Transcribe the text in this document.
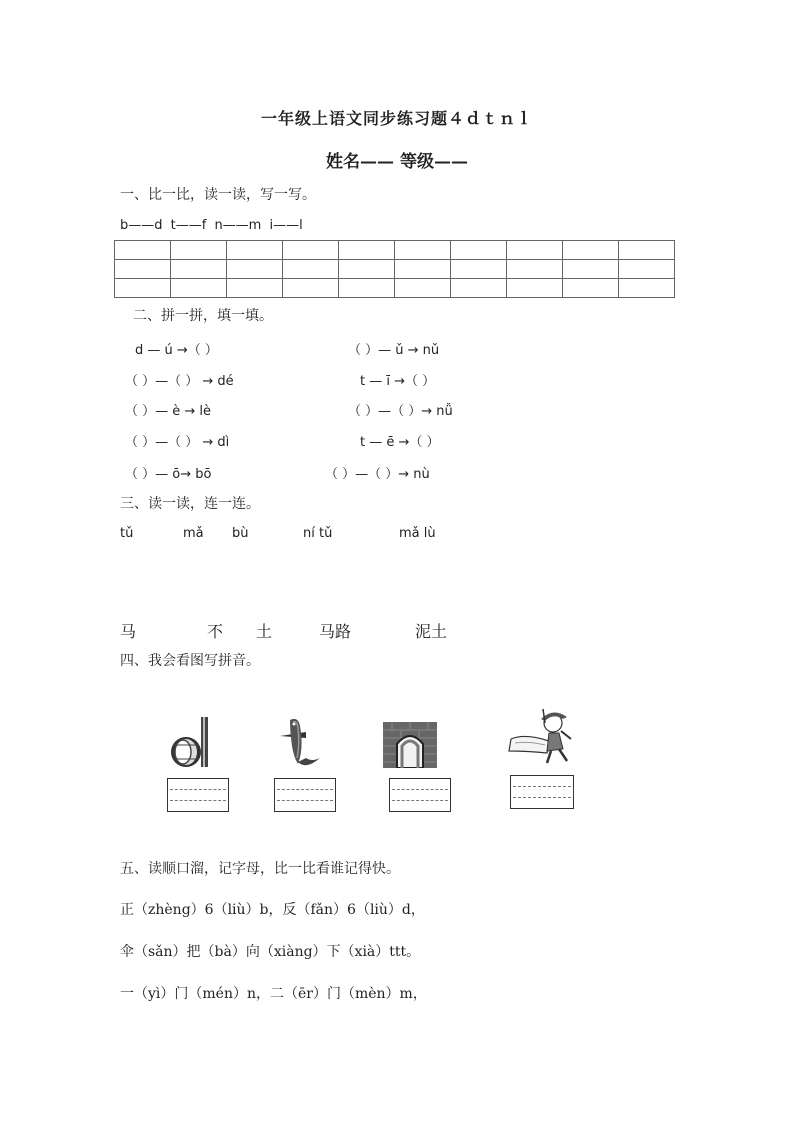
一年级上语文同步练习题４ｄｔｎｌ
姓名—— 等级——
一、比一比，读一读，写一写。
b——d t——f n——m i——l

二、拼一拼，填一填。
d — ú →（ ）
（ ）—（ ） → dé
（ ）— è → lè
（ ）—（ ） → dì
（ ）— ō→ bō
（ ）— ǔ → nǔ
t — ī →（ ）
（ ）—（ ）→ nǚ
t — ē →（ ）
（ ）—（ ）→ nù
三、读一读，连一连。
tǔ	mǎ bù	ní tǔ	mǎ lù
马	不 土	马路	泥土
四、我会看图写拼音。
五、读顺口溜，记字母，比一比看谁记得快。
正（zhèng）6（liù）b，反（fǎn）6（liù）d，
伞（sǎn）把（bà）向（xiàng）下（xià）ttt。
一（yì）门（mén）n，二（ēr）门（mèn）m，
